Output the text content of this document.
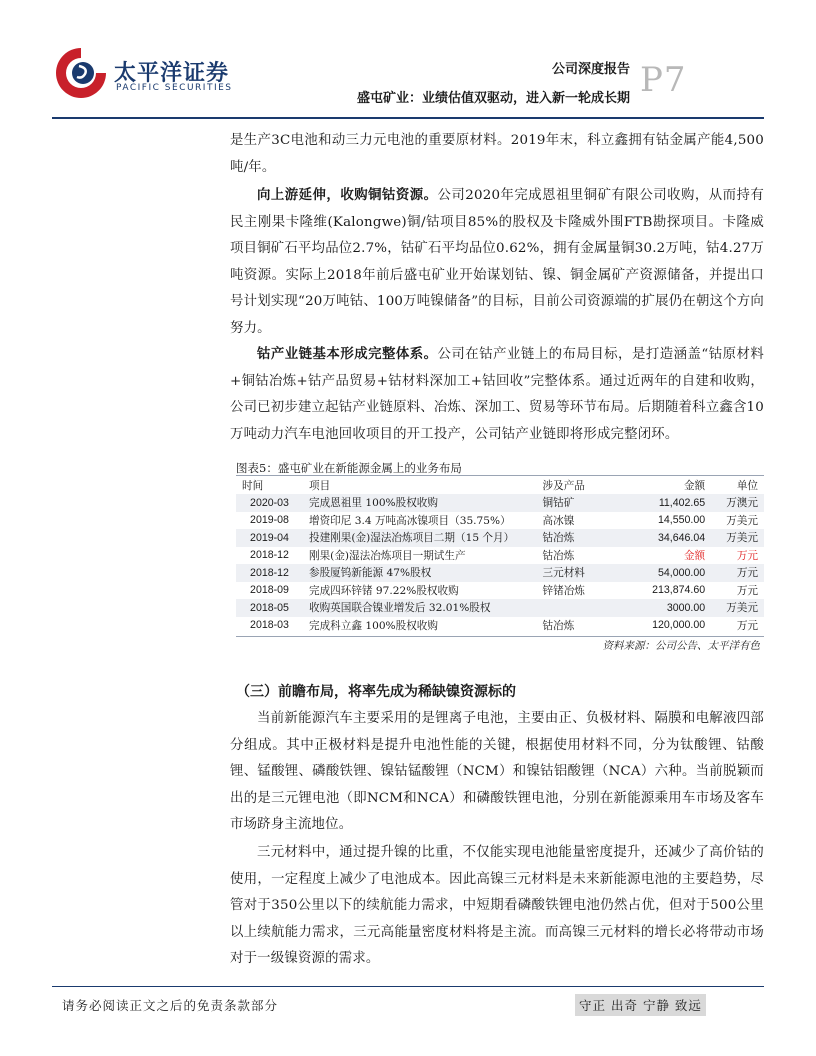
太平洋证券
PACIFIC SECURITIES
公司深度报告
盛屯矿业：业绩估值双驱动，进入新一轮成长期 P7

是生产3C电池和动三力元电池的重要原材料。2019年末，科立鑫拥有钴金属产能4,500吨/年。

向上游延伸，收购铜钴资源。公司2020年完成恩祖里铜矿有限公司收购，从而持有民主刚果卡隆维(Kalongwe)铜/钴项目85%的股权及卡隆威外围FTB勘探项目。卡隆威项目铜矿石平均品位2.7%，钴矿石平均品位0.62%，拥有金属量铜30.2万吨，钴4.27万吨资源。实际上2018年前后盛屯矿业开始谋划钴、镍、铜金属矿产资源储备，并提出口号计划实现“20万吨钴、100万吨镍储备”的目标，目前公司资源端的扩展仍在朝这个方向努力。

钴产业链基本形成完整体系。公司在钴产业链上的布局目标，是打造涵盖“钴原材料+铜钴冶炼+钴产品贸易+钴材料深加工+钴回收”完整体系。通过近两年的自建和收购，公司已初步建立起钴产业链原料、冶炼、深加工、贸易等环节布局。后期随着科立鑫含10万吨动力汽车电池回收项目的开工投产，公司钴产业链即将形成完整闭环。

图表5：盛屯矿业在新能源金属上的业务布局
时间	项目	涉及产品	金额	单位
2020-03	完成恩祖里 100%股权收购	铜钴矿	11,402.65	万澳元
2019-08	增资印尼 3.4 万吨高冰镍项目（35.75%）	高冰镍	14,550.00	万美元
2019-04	投建刚果(金)湿法冶炼项目二期（15 个月）	钴冶炼	34,646.04	万美元
2018-12	刚果(金)湿法冶炼项目一期试生产	钴冶炼	金额	万元
2018-12	参股厦钨新能源 47%股权	三元材料	54,000.00	万元
2018-09	完成四环锌锗 97.22%股权收购	锌锗冶炼	213,874.60	万元
2018-05	收购英国联合镍业增发后 32.01%股权		3000.00	万美元
2018-03	完成科立鑫 100%股权收购	钴冶炼	120,000.00	万元
资料来源：公司公告、太平洋有色
（三）前瞻布局，将率先成为稀缺镍资源标的

当前新能源汽车主要采用的是锂离子电池，主要由正、负极材料、隔膜和电解液四部分组成。其中正极材料是提升电池性能的关键，根据使用材料不同，分为钛酸锂、钴酸锂、锰酸锂、磷酸铁锂、镍钴锰酸锂（NCM）和镍钴铝酸锂（NCA）六种。当前脱颖而出的是三元锂电池（即NCM和NCA）和磷酸铁锂电池，分别在新能源乘用车市场及客车市场跻身主流地位。

三元材料中，通过提升镍的比重，不仅能实现电池能量密度提升，还减少了高价钴的使用，一定程度上减少了电池成本。因此高镍三元材料是未来新能源电池的主要趋势，尽管对于350公里以下的续航能力需求，中短期看磷酸铁锂电池仍然占优，但对于500公里以上续航能力需求，三元高能量密度材料将是主流。而高镍三元材料的增长必将带动市场对于一级镍资源的需求。

请务必阅读正文之后的免责条款部分	守正 出奇 宁静 致远
